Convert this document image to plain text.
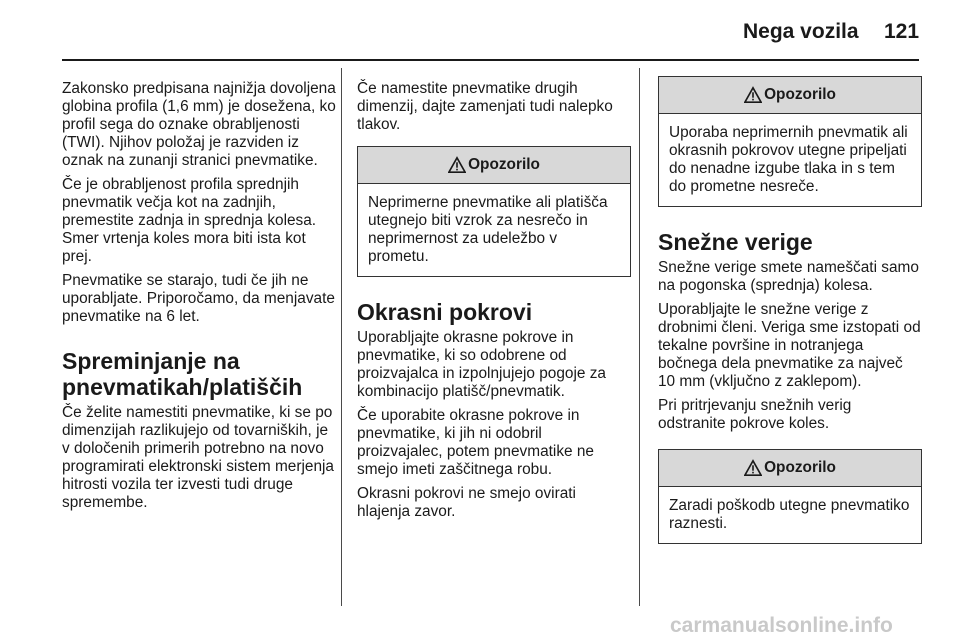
Nega vozila 121

Zakonsko predpisana najnižja dovoljena globina profila (1,6 mm) je dosežena, ko profil sega do oznake obrabljenosti (TWI). Njihov položaj je razviden iz oznak na zunanji stranici pnevmatike.

Če je obrabljenost profila sprednjih pnevmatik večja kot na zadnjih, premestite zadnja in sprednja kolesa. Smer vrtenja koles mora biti ista kot prej.

Pnevmatike se starajo, tudi če jih ne uporabljate. Priporočamo, da menjavate pnevmatike na 6 let.

Spreminjanje na pnevmatikah/platiščih

Če želite namestiti pnevmatike, ki se po dimenzijah razlikujejo od tovarniških, je v določenih primerih potrebno na novo programirati elektronski sistem merjenja hitrosti vozila ter izvesti tudi druge spremembe.

Če namestite pnevmatike drugih dimenzij, dajte zamenjati tudi nalepko tlakov.

Opozorilo
Neprimerne pnevmatike ali platišča utegnejo biti vzrok za nesrečo in neprimernost za udeležbo v prometu.
Okrasni pokrovi

Uporabljajte okrasne pokrove in pnevmatike, ki so odobrene od proizvajalca in izpolnjujejo pogoje za kombinacijo platišč/pnevmatik.

Če uporabite okrasne pokrove in pnevmatike, ki jih ni odobril proizvajalec, potem pnevmatike ne smejo imeti zaščitnega robu.

Okrasni pokrovi ne smejo ovirati hlajenja zavor.

Opozorilo
Uporaba neprimernih pnevmatik ali okrasnih pokrovov utegne pripeljati do nenadne izgube tlaka in s tem do prometne nesreče.
Snežne verige

Snežne verige smete nameščati samo na pogonska (sprednja) kolesa.

Uporabljajte le snežne verige z drobnimi členi. Veriga sme izstopati od tekalne površine in notranjega bočnega dela pnevmatike za največ 10 mm (vključno z zaklepom).

Pri pritrjevanju snežnih verig odstranite pokrove koles.

Opozorilo
Zaradi poškodb utegne pnevmatiko raznesti.
carmanualsonline.info
